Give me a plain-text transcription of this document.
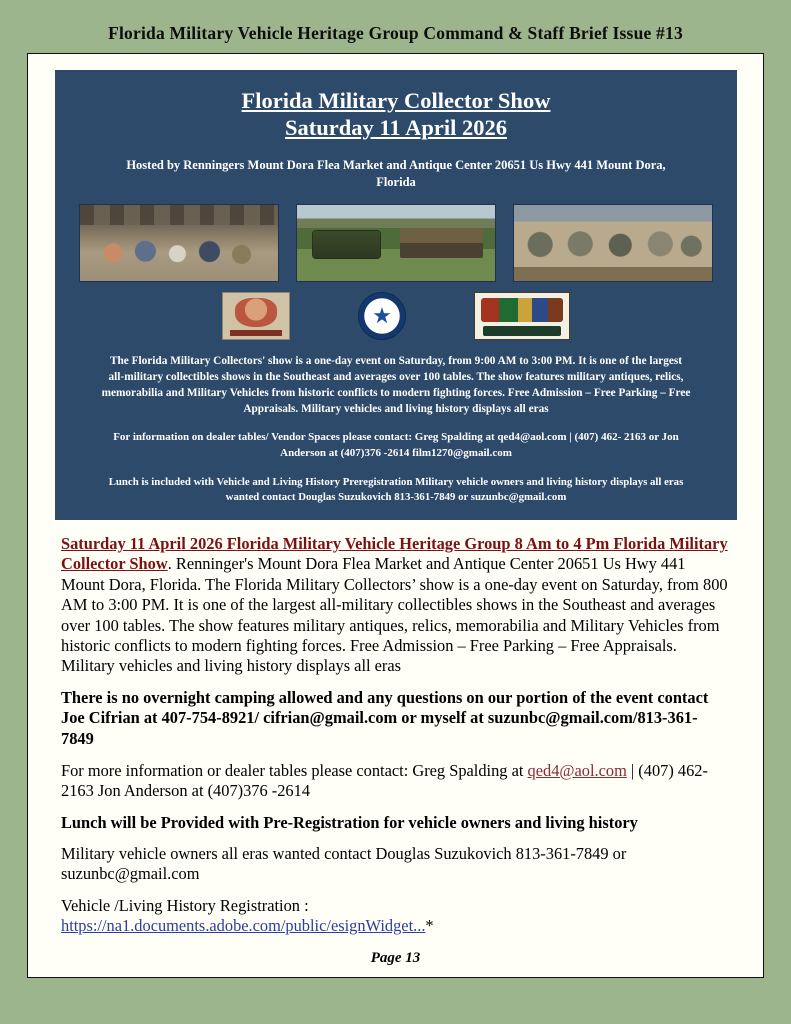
Florida Military Vehicle Heritage Group Command & Staff Brief Issue #13
Florida Military Collector Show
Saturday 11 April 2026
Hosted by Renningers Mount Dora Flea Market and Antique Center 20651 Us Hwy 441 Mount Dora, Florida
★
The Florida Military Collectors' show is a one-day event on Saturday, from 9:00 AM to 3:00 PM. It is one of the largest all-military collectibles shows in the Southeast and averages over 100 tables. The show features military antiques, relics, memorabilia and Military Vehicles from historic conflicts to modern fighting forces. Free Admission – Free Parking – Free Appraisals. Military vehicles and living history displays all eras
For information on dealer tables/ Vendor Spaces please contact: Greg Spalding at qed4@aol.com | (407) 462- 2163 or Jon Anderson at (407)376 -2614 film1270@gmail.com
Lunch is included with Vehicle and Living History Preregistration Military vehicle owners and living history displays all eras wanted contact Douglas Suzukovich 813-361-7849 or suzunbc@gmail.com

Saturday 11 April 2026 Florida Military Vehicle Heritage Group 8 Am to 4 Pm Florida Military Collector Show. Renninger's Mount Dora Flea Market and Antique Center 20651 Us Hwy 441 Mount Dora, Florida. The Florida Military Collectors’ show is a one-day event on Saturday, from 800 AM to 3:00 PM. It is one of the largest all-military collectibles shows in the Southeast and averages over 100 tables. The show features military antiques, relics, memorabilia and Military Vehicles from historic conflicts to modern fighting forces. Free Admission – Free Parking – Free Appraisals. Military vehicles and living history displays all eras

There is no overnight camping allowed and any questions on our portion of the event contact Joe Cifrian at 407-754-8921/ cifrian@gmail.com or myself at suzunbc@gmail.com/813-361-7849

For more information or dealer tables please contact: Greg Spalding at qed4@aol.com | (407) 462-2163 Jon Anderson at (407)376 -2614

Lunch will be Provided with Pre-Registration for vehicle owners and living history

Military vehicle owners all eras wanted contact Douglas Suzukovich 813-361-7849 or suzunbc@gmail.com

Vehicle /Living History Registration :
https://na1.documents.adobe.com/public/esignWidget...*

Page 13
